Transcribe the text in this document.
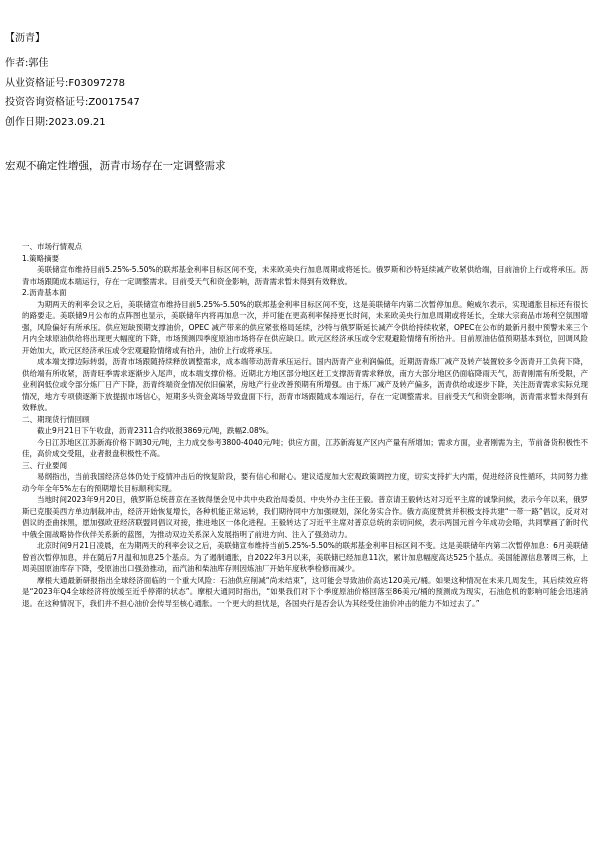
【沥青】
作者:郭佳
从业资格证号:F03097278
投资咨询资格证号:Z0017547
创作日期:2023.09.21
宏观不确定性增强，沥青市场存在一定调整需求

一、市场行情观点

1.策略摘要

美联储宣布维持目前5.25%-5.50%的联邦基金利率目标区间不变，未来欧美央行加息周期或将延长。俄罗斯和沙特延续减产收紧供给端，目前油价上行或将承压。沥青市场跟随成本端运行，存在一定调整需求。目前受天气和资金影响，沥青需求暂未得到有效释放。

2.沥青基本面

为期两天的利率会议之后，美联储宣布维持目前5.25%-5.50%的联邦基金利率目标区间不变，这是美联储年内第二次暂停加息。鲍威尔表示，实现通胀目标还有很长的路要走。美联储9月公布的点阵图也显示，美联储年内将再加息一次，并可能在更高利率保持更长时间，未来欧美央行加息周期或将延长，全球大宗商品市场利空氛围增强，风险偏好有所承压。供应短缺预期支撑油价，OPEC 减产带来的供应紧张格局延续，沙特与俄罗斯延长减产令供给持续收紧，OPEC在公布的最新月报中预警未来三个月内全球原油供给将出现更大幅度的下降，市场预测四季度原油市场将存在供应缺口。欧元区经济承压或令宏观避险情绪有所抬升。目前原油估值预期基本到位，回调风险开始加大，欧元区经济承压或令宏观避险情绪或有抬升，油价上行或将承压。

成本端支撑边际转弱，沥青市场跟随持续释放调整需求，成本端带动沥青承压运行。国内沥青产业利润偏低，近期沥青炼厂减产及转产装置较多令沥青开工负荷下降，供给端有所收紧，沥青旺季需求逐渐步入尾声，成本端支撑价格。近期北方地区部分地区赶工支撑沥青需求释放，南方大部分地区仍面临降雨天气，沥青刚需有所受限，产业利润低位或令部分炼厂日产下降，沥青终端资金情况依旧偏紧，房地产行业改善预期有所增强。由于炼厂减产及转产偏多，沥青供给或逐步下降，关注沥青需求实际兑现情况，地方专项债逐渐下放提振市场信心，短期多头资金离场导致盘面下行，沥青市场跟随成本端运行，存在一定调整需求。目前受天气和资金影响，沥青需求暂未得到有效释放。

二、期现货行情回顾

截止9月21日下午收盘，沥青2311合约收报3869元/吨，跌幅2.08%。

今日江苏地区江苏新海价格下调30元/吨，主力成交参考3800-4040元/吨；供应方面，江苏新海复产区内产量有所增加；需求方面，业者刚需为主，节前备货积极性不佳，高价成交受阻，业者报盘积极性不高。

三、行业要闻

易纲指出，当前我国经济总体仍处于疫情冲击后的恢复阶段，要有信心和耐心。建议适度加大宏观政策调控力度，切实支持扩大内需，促进经济良性循环，共同努力推动今年全年5%左右的预期增长目标顺利实现。

当地时间2023年9月20日，俄罗斯总统普京在圣彼得堡会见中共中央政治局委员、中央外办主任王毅。普京请王毅转达对习近平主席的诚挚问候，表示今年以来，俄罗斯已克服美西方单边制裁冲击，经济开始恢复增长，各种机能正常运转，我们期待同中方加强规划，深化务实合作。俄方高度赞赏并积极支持共建“一带一路”倡议，反对对倡议的歪曲抹黑，愿加强欧亚经济联盟同倡议对接，推进地区一体化进程。王毅转达了习近平主席对普京总统的亲切问候，表示两国元首今年成功会晤，共同擘画了新时代中俄全面战略协作伙伴关系新的蓝图，为推动双边关系深入发展指明了前进方向、注入了强劲动力。

北京时间9月21日凌晨，在为期两天的利率会议之后，美联储宣布维持当前5.25%-5.50%的联邦基金利率目标区间不变。这是美联储年内第二次暂停加息：6月美联储曾首次暂停加息，并在随后7月温和加息25个基点。为了遏制通胀，自2022年3月以来，美联储已经加息11次，累计加息幅度高达525个基点。美国能源信息署周三称，上周美国原油库存下降，受原油出口强劲推动，而汽油和柴油库存则因炼油厂开始年度秋季检修而减少。

摩根大通最新研报指出全球经济面临的一个重大风险：石油供应削减“尚未结束”，这可能会导致油价高达120美元/桶。如果这种情况在未来几周发生，其后续效应将是“2023年Q4全球经济将放缓至近乎停滞的状态”。摩根大通同时指出，“如果我们对下个季度原油价格回落至86美元/桶的预测成为现实，石油危机的影响可能会迅速消退。在这种情况下，我们并不担心油价会传导至核心通胀。一个更大的担忧是，各国央行是否会认为其经受住油价冲击的能力不如过去了。”
